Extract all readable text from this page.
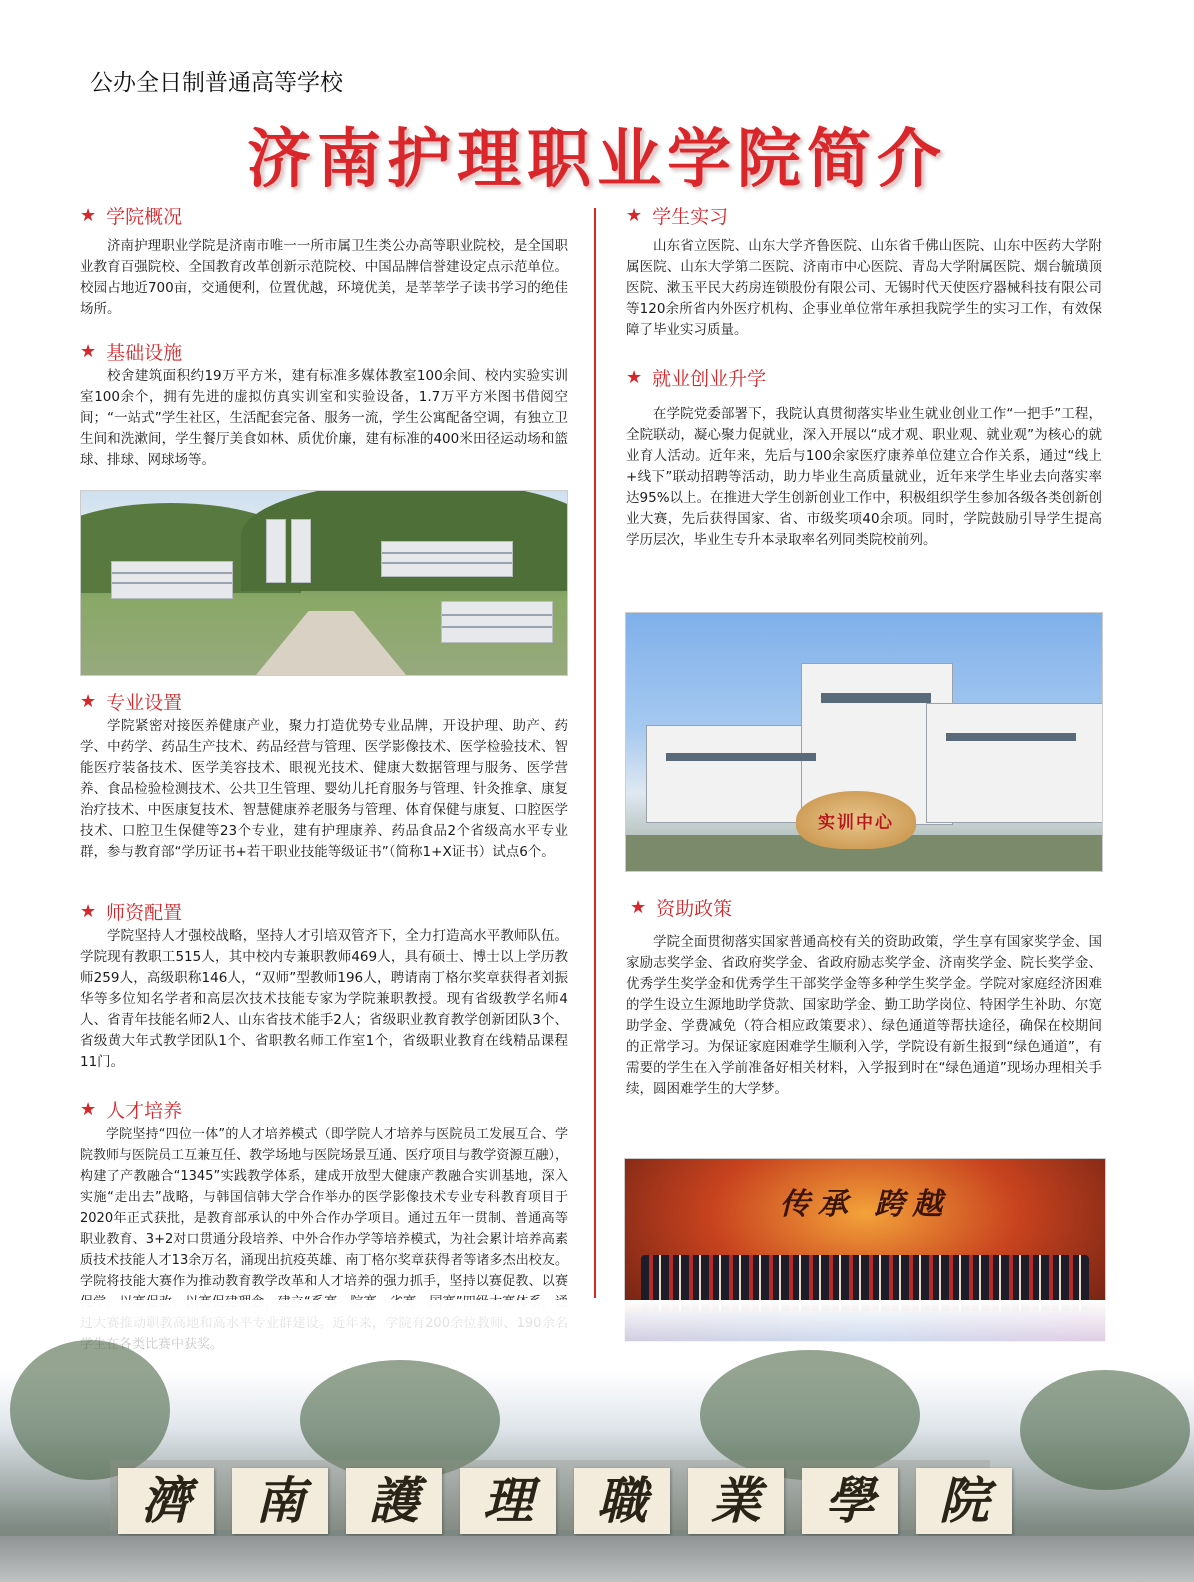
公办全日制普通高等学校
济南护理职业学院简介
★ 学院概况

济南护理职业学院是济南市唯一一所市属卫生类公办高等职业院校，是全国职业教育百强院校、全国教育改革创新示范院校、中国品牌信誉建设定点示范单位。校园占地近700亩，交通便利，位置优越，环境优美，是莘莘学子读书学习的绝佳场所。

★ 基础设施

校舍建筑面积约19万平方米，建有标准多媒体教室100余间、校内实验实训室100余个，拥有先进的虚拟仿真实训室和实验设备，1.7万平方米图书借阅空间；“一站式”学生社区，生活配套完备、服务一流，学生公寓配备空调，有独立卫生间和洗漱间，学生餐厅美食如林、质优价廉，建有标准的400米田径运动场和篮球、排球、网球场等。

★ 专业设置

学院紧密对接医养健康产业，聚力打造优势专业品牌，开设护理、助产、药学、中药学、药品生产技术、药品经营与管理、医学影像技术、医学检验技术、智能医疗装备技术、医学美容技术、眼视光技术、健康大数据管理与服务、医学营养、食品检验检测技术、公共卫生管理、婴幼儿托育服务与管理、针灸推拿、康复治疗技术、中医康复技术、智慧健康养老服务与管理、体育保健与康复、口腔医学技术、口腔卫生保健等23个专业，建有护理康养、药品食品2个省级高水平专业群，参与教育部“学历证书+若干职业技能等级证书”（简称1+X证书）试点6个。

★ 师资配置

学院坚持人才强校战略，坚持人才引培双管齐下，全力打造高水平教师队伍。学院现有教职工515人，其中校内专兼职教师469人，具有硕士、博士以上学历教师259人，高级职称146人，“双师”型教师196人，聘请南丁格尔奖章获得者刘振华等多位知名学者和高层次技术技能专家为学院兼职教授。现有省级教学名师4人、省青年技能名师2人、山东省技术能手2人；省级职业教育教学创新团队3个、省级黄大年式教学团队1个、省职教名师工作室1个，省级职业教育在线精品课程11门。

★ 人才培养

学院坚持“四位一体”的人才培养模式（即学院人才培养与医院员工发展互合、学院教师与医院员工互兼互任、教学场地与医院场景互通、医疗项目与教学资源互融），构建了产教融合“1345”实践教学体系，建成开放型大健康产教融合实训基地，深入实施“走出去”战略，与韩国信韩大学合作举办的医学影像技术专业专科教育项目于2020年正式获批，是教育部承认的中外合作办学项目。通过五年一贯制、普通高等职业教育、3+2对口贯通分段培养、中外合作办学等培养模式，为社会累计培养高素质技术技能人才13余万名，涌现出抗疫英雄、南丁格尔奖章获得者等诸多杰出校友。学院将技能大赛作为推动教育教学改革和人才培养的强力抓手，坚持以赛促教、以赛

★ 学生实习

山东省立医院、山东大学齐鲁医院、山东省千佛山医院、山东中医药大学附属医院、山东大学第二医院、济南市中心医院、青岛大学附属医院、烟台毓璜顶医院、漱玉平民大药房连锁股份有限公司、无锡时代天使医疗器械科技有限公司等120余所省内外医疗机构、企事业单位常年承担我院学生的实习工作，有效保障了毕业实习质量。

★ 就业创业升学

在学院党委部署下，我院认真贯彻落实毕业生就业创业工作“一把手”工程，全院联动，凝心聚力促就业，深入开展以“成才观、职业观、就业观”为核心的就业育人活动。近年来，先后与100余家医疗康养单位建立合作关系，通过“线上+线下”联动招聘等活动，助力毕业生高质量就业，近年来学生毕业去向落实率达95%以上。在推进大学生创新创业工作中，积极组织学生参加各级各类创新创业大赛，先后获得国家、省、市级奖项40余项。同时，学院鼓励引导学生提高学历层次，毕业生专升本录取率名列同类院校前列。

实训中心
★ 资助政策

学院全面贯彻落实国家普通高校有关的资助政策，学生享有国家奖学金、国家励志奖学金、省政府奖学金、省政府励志奖学金、济南奖学金、院长奖学金、优秀学生奖学金和优秀学生干部奖学金等多种学生奖学金。学院对家庭经济困难的学生设立生源地助学贷款、国家助学金、勤工助学岗位、特困学生补助、尔宽助学金、学费减免（符合相应政策要求）、绿色通道等帮扶途径，确保在校期间的正常学习。为保证家庭困难学生顺利入学，学院设有新生报到“绿色通道”，有需要的学生在入学前准备好相关材料，入学报到时在“绿色通道”现场办理相关手续，圆困难学生的大学梦。

传承 跨越
濟	南	護	理	職	業	學	院
